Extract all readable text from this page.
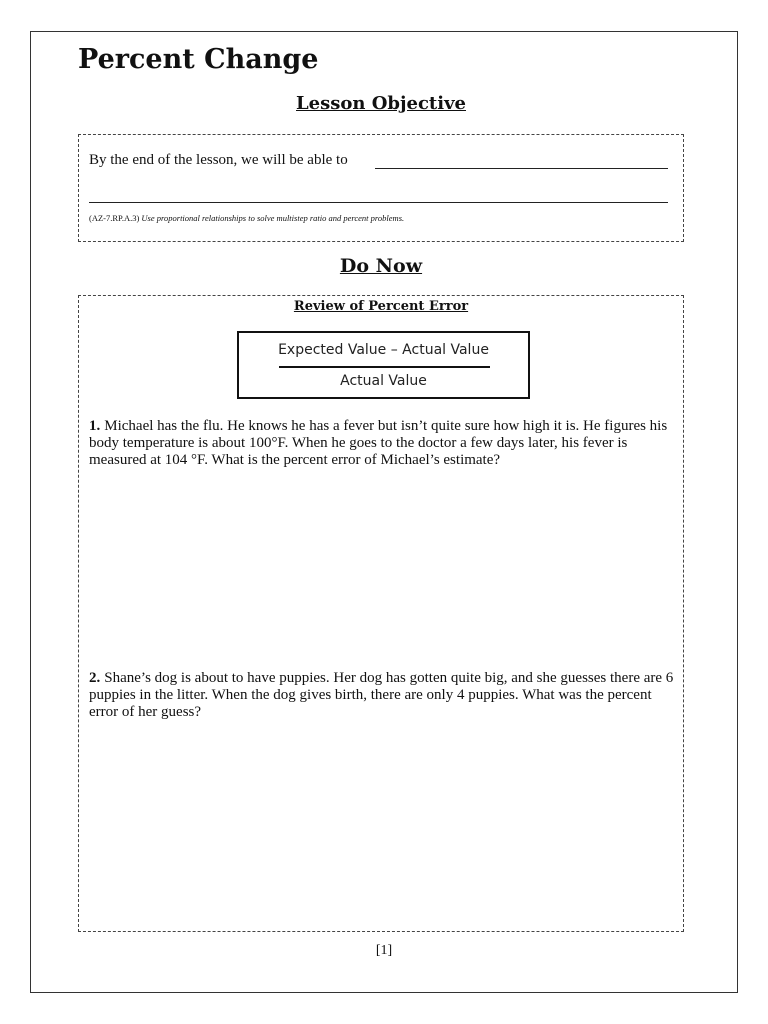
Percent Change
Lesson Objective
By the end of the lesson, we will be able to
(AZ-7.RP.A.3) Use proportional relationships to solve multistep ratio and percent problems.
Do Now
Review of Percent Error
Expected Value – Actual Value
Actual Value
1. Michael has the flu. He knows he has a fever but isn’t quite sure how high it is. He figures his body temperature is about 100°F. When he goes to the doctor a few days later, his fever is measured at 104 °F. What is the percent error of Michael’s estimate?
2. Shane’s dog is about to have puppies. Her dog has gotten quite big, and she guesses there are 6 puppies in the litter. When the dog gives birth, there are only 4 puppies. What was the percent error of her guess?
[1]
